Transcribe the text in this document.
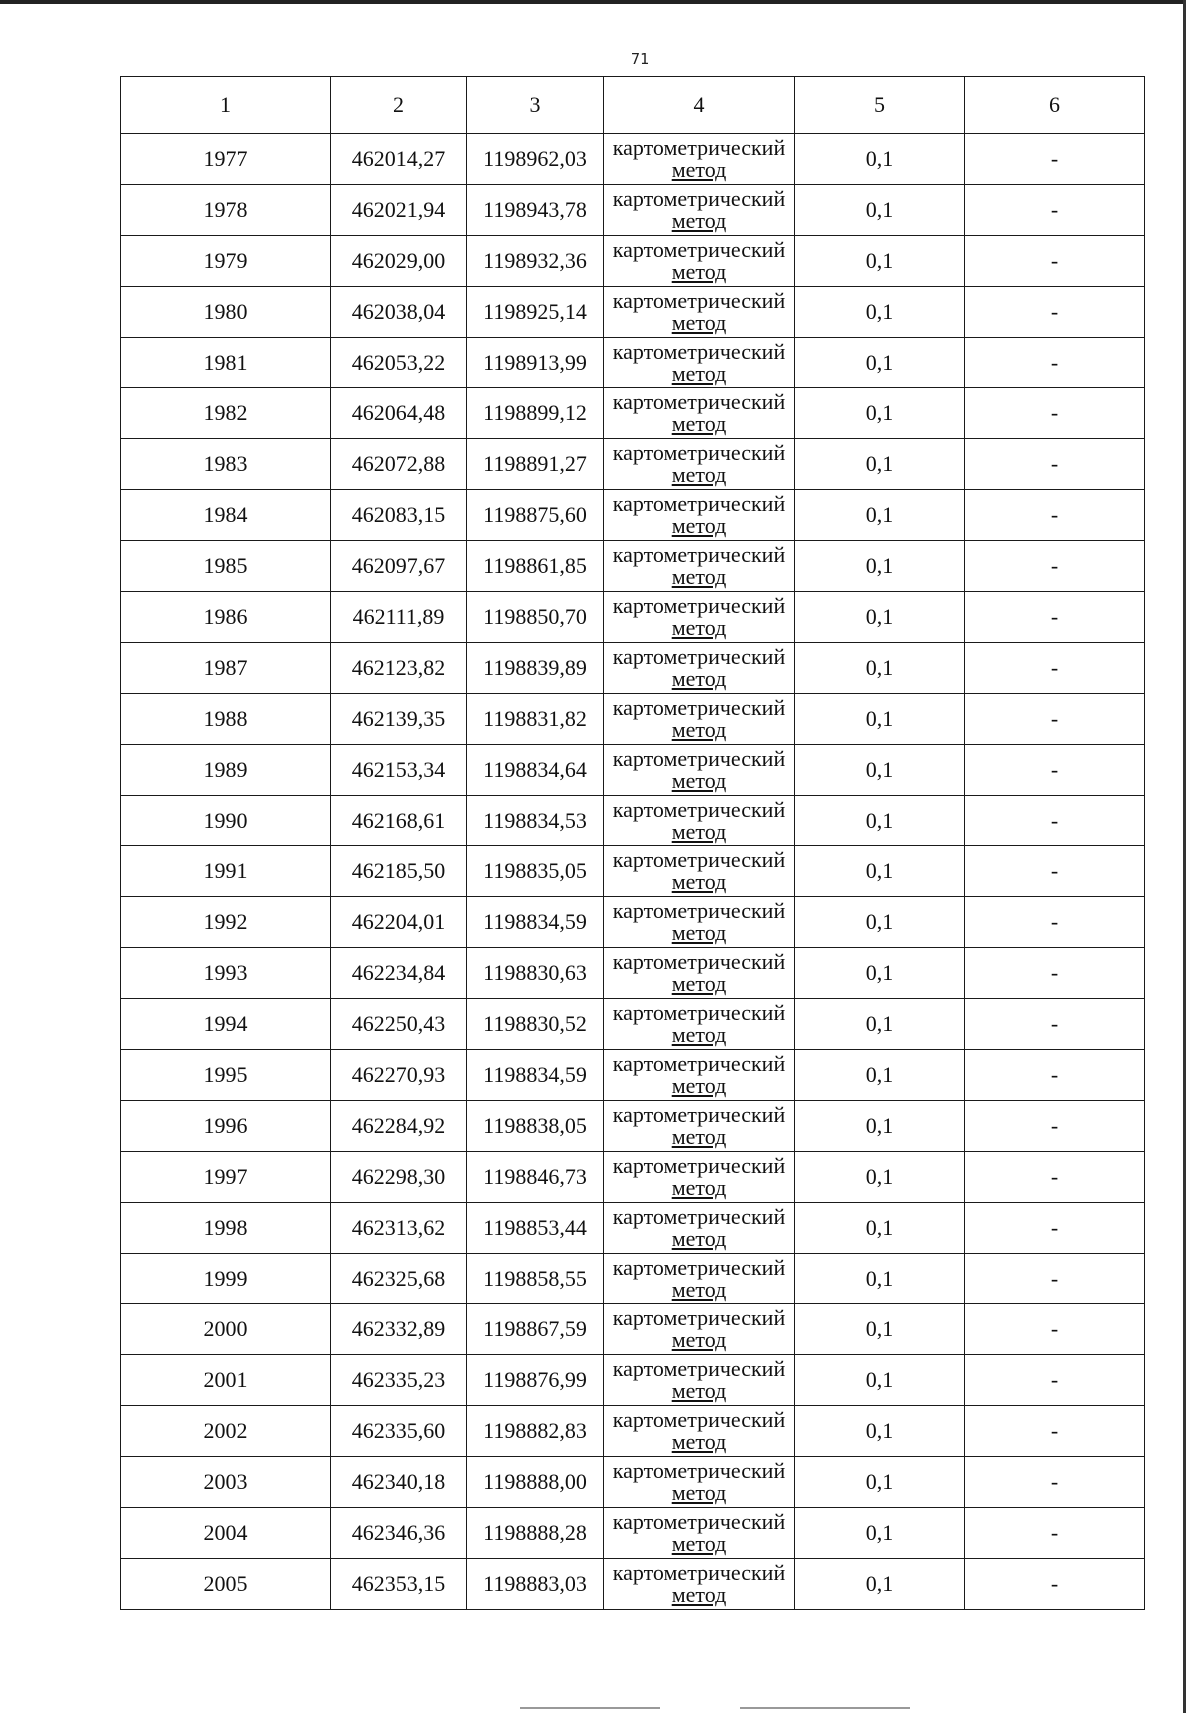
71
1	2	3	4	5	6
1977	462014,27	1198962,03	картометрический
метод	0,1	-
1978	462021,94	1198943,78	картометрический
метод	0,1	-
1979	462029,00	1198932,36	картометрический
метод	0,1	-
1980	462038,04	1198925,14	картометрический
метод	0,1	-
1981	462053,22	1198913,99	картометрический
метод	0,1	-
1982	462064,48	1198899,12	картометрический
метод	0,1	-
1983	462072,88	1198891,27	картометрический
метод	0,1	-
1984	462083,15	1198875,60	картометрический
метод	0,1	-
1985	462097,67	1198861,85	картометрический
метод	0,1	-
1986	462111,89	1198850,70	картометрический
метод	0,1	-
1987	462123,82	1198839,89	картометрический
метод	0,1	-
1988	462139,35	1198831,82	картометрический
метод	0,1	-
1989	462153,34	1198834,64	картометрический
метод	0,1	-
1990	462168,61	1198834,53	картометрический
метод	0,1	-
1991	462185,50	1198835,05	картометрический
метод	0,1	-
1992	462204,01	1198834,59	картометрический
метод	0,1	-
1993	462234,84	1198830,63	картометрический
метод	0,1	-
1994	462250,43	1198830,52	картометрический
метод	0,1	-
1995	462270,93	1198834,59	картометрический
метод	0,1	-
1996	462284,92	1198838,05	картометрический
метод	0,1	-
1997	462298,30	1198846,73	картометрический
метод	0,1	-
1998	462313,62	1198853,44	картометрический
метод	0,1	-
1999	462325,68	1198858,55	картометрический
метод	0,1	-
2000	462332,89	1198867,59	картометрический
метод	0,1	-
2001	462335,23	1198876,99	картометрический
метод	0,1	-
2002	462335,60	1198882,83	картометрический
метод	0,1	-
2003	462340,18	1198888,00	картометрический
метод	0,1	-
2004	462346,36	1198888,28	картометрический
метод	0,1	-
2005	462353,15	1198883,03	картометрический
метод	0,1	-
